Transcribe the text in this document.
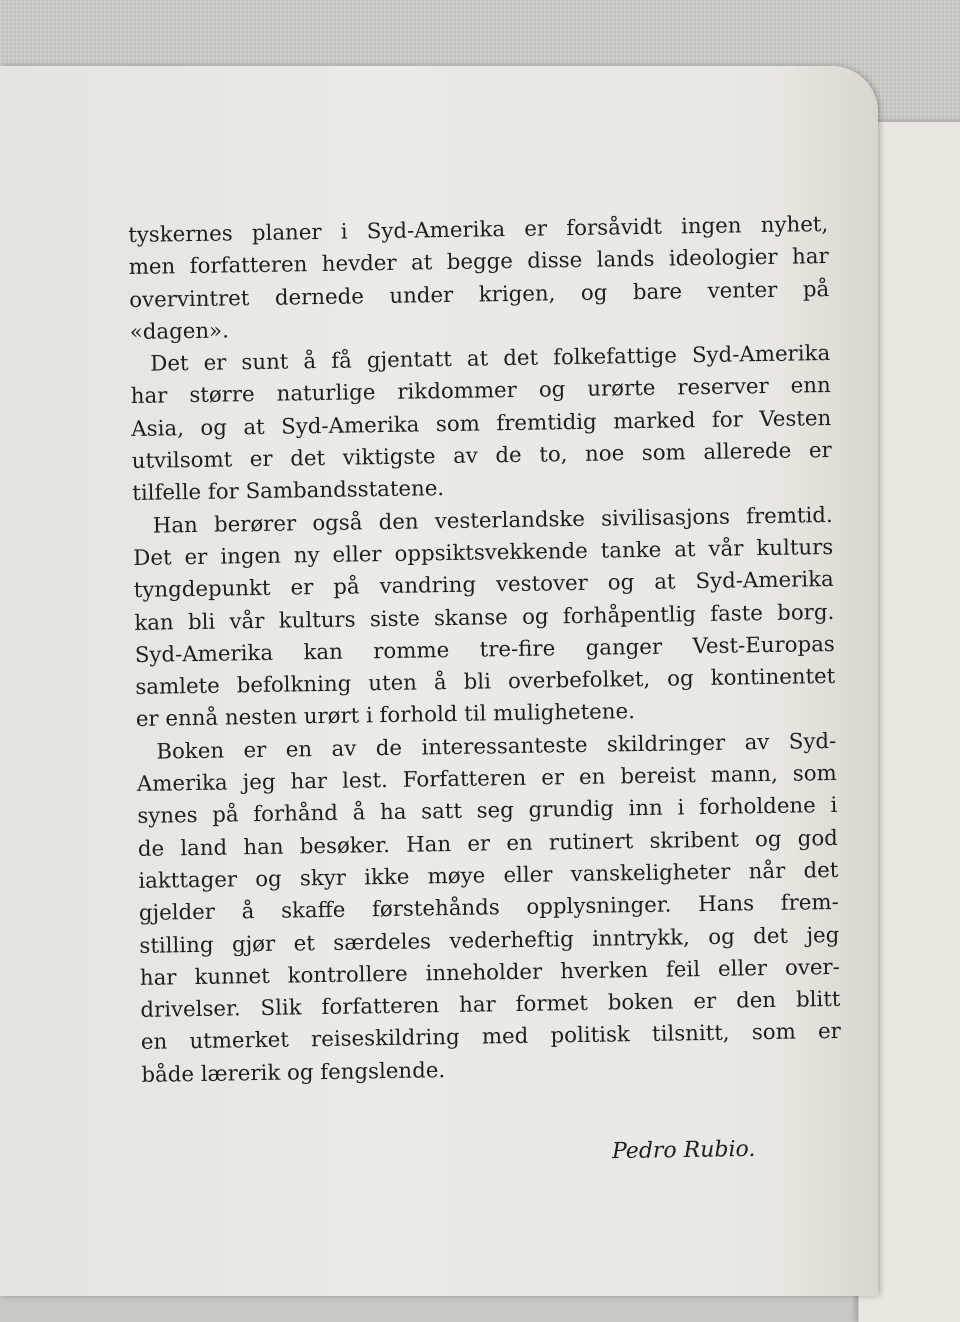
tyskernes planer i Syd-Amerika er forsåvidt ingen nyhet,

men forfatteren hevder at begge disse lands ideologier har

overvintret dernede under krigen, og bare venter på

«dagen».

Det er sunt å få gjentatt at det folkefattige Syd-Amerika

har større naturlige rikdommer og urørte reserver enn

Asia, og at Syd-Amerika som fremtidig marked for Vesten

utvilsomt er det viktigste av de to, noe som allerede er

tilfelle for Sambandsstatene.

Han berører også den vesterlandske sivilisasjons fremtid.

Det er ingen ny eller oppsiktsvekkende tanke at vår kulturs

tyngdepunkt er på vandring vestover og at Syd-Amerika

kan bli vår kulturs siste skanse og forhåpentlig faste borg.

Syd-Amerika kan romme tre-fire ganger Vest-Europas

samlete befolkning uten å bli overbefolket, og kontinentet

er ennå nesten urørt i forhold til mulighetene.

Boken er en av de interessanteste skildringer av Syd-

Amerika jeg har lest. Forfatteren er en bereist mann, som

synes på forhånd å ha satt seg grundig inn i forholdene i

de land han besøker. Han er en rutinert skribent og god

iakttager og skyr ikke møye eller vanskeligheter når det

gjelder å skaffe førstehånds opplysninger. Hans frem-

stilling gjør et særdeles vederheftig inntrykk, og det jeg

har kunnet kontrollere inneholder hverken feil eller over-

drivelser. Slik forfatteren har formet boken er den blitt

en utmerket reiseskildring med politisk tilsnitt, som er

både lærerik og fengslende.

Pedro Rubio.
